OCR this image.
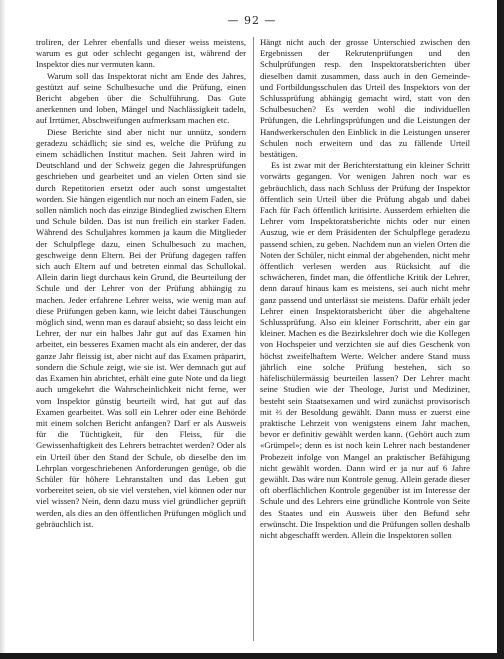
— 92 —

troliren, der Lehrer ebenfalls und dieser weiss meistens, warum es gut oder schlecht gegangen ist, während der Inspektor dies nur vermuten kann.

Warum soll das Inspektorat nicht am Ende des Jahres, gestützt auf seine Schulbesuche und die Prüfung, einen Bericht abgeben über die Schulführung. Das Gute anerkennen und loben, Mängel und Nachlässigkeit tadeln, auf Irrtümer, Abschweifungen aufmerksam machen etc.

Diese Berichte sind aber nicht nur unnütz, sondern geradezu schädlich; sie sind es, welche die Prüfung zu einem schädlichen Institut machen. Seit Jahren wird in Deutschland und der Schweiz gegen die Jahresprüfungen geschrieben und gearbeitet und an vielen Orten sind sie durch Repetitorien ersetzt oder auch sonst umgestaltet worden. Sie hängen eigentlich nur noch an einem Faden, sie sollen nämlich noch das einzige Bindeglied zwischen Eltern und Schule bilden. Das ist nun freilich ein starker Faden. Während des Schuljahres kommen ja kaum die Mitglieder der Schulpflege dazu, einen Schulbesuch zu machen, geschweige denn Eltern. Bei der Prüfung dagegen raffen sich auch Eltern auf und betreten einmal das Schullokal. Allein darin liegt durchaus kein Grund, die Beurteilung der Schule und der Lehrer von der Prüfung abhängig zu machen. Jeder erfahrene Lehrer weiss, wie wenig man auf diese Prüfungen geben kann, wie leicht dabei Täuschungen möglich sind, wenn man es darauf absieht; so dass leicht ein Lehrer, der nur ein halbes Jahr gut auf das Examen hin arbeitet, ein besseres Examen macht als ein anderer, der das ganze Jahr fleissig ist, aber nicht auf das Examen präparirt, sondern die Schule zeigt, wie sie ist. Wer demnach gut auf das Examen hin abrichtet, erhält eine gute Note und da liegt auch umgekehrt die Wahrscheinlichkeit nicht ferne, wer vom Inspektor günstig beurteilt wird, hat gut auf das Examen gearbeitet. Was soll ein Lehrer oder eine Behörde mit einem solchen Bericht anfangen? Darf er als Ausweis für die Tüchtigkeit, für den Fleiss, für die Gewissenhaftigkeit des Lehrers betrachtet werden? Oder als ein Urteil über den Stand der Schule, ob dieselbe den im Lehrplan vorgeschriebenen Anforderungen genüge, ob die Schüler für höhere Lehranstalten und das Leben gut vorbereitet seien, ob sie viel verstehen, viel können oder nur viel wissen? Nein, denn dazu muss viel gründlicher geprüft werden, als dies an den öffentlichen Prüfungen möglich und gebräuchlich ist.

Hängt nicht auch der grosse Unterschied zwischen den Ergebnissen der Rekrutenprüfungen und den Schulprüfungen resp. den Inspektoratsberichten über dieselben damit zusammen, dass auch in den Gemeinde- und Fortbildungsschulen das Urteil des Inspektors von der Schlussprüfung abhängig gemacht wird, statt von den Schulbesuchen? Es werden wohl die individuellen Prüfungen, die Lehrlingsprüfungen und die Leistungen der Handwerkerschulen den Einblick in die Leistungen unserer Schulen noch erweitern und das zu fällende Urteil bestätigen.

Es ist zwar mit der Berichterstattung ein kleiner Schritt vorwärts gegangen. Vor wenigen Jahren noch war es gebräuchlich, dass nach Schluss der Prüfung der Inspektor öffentlich sein Urteil über die Prüfung abgab und dabei Fach für Fach öffentlich kritisirte. Ausserdem erhielten die Lehrer vom Inspektoratsberichte nichts oder nur einen Auszug, wie er dem Präsidenten der Schulpflege geradezu passend schien, zu geben. Nachdem nun an vielen Orten die Noten der Schüler, nicht einmal der abgehenden, nicht mehr öffentlich verlesen werden aus Rücksicht auf die schwächeren, findet man, die öffentliche Kritik der Lehrer, denn darauf hinaus kam es meistens, sei auch nicht mehr ganz passend und unterlässt sie meistens. Dafür erhält jeder Lehrer einen Inspektoratsbericht über die abgehaltene Schlussprüfung. Also ein kleiner Fortschritt, aber ein gar kleiner. Machen es die Bezirkslehrer doch wie die Kollegen von Hochspeier und verzichten sie auf dies Geschenk von höchst zweifelhaftem Werte. Welcher andere Stand muss jährlich eine solche Prüfung bestehen, sich so häfelischülermässig beurteilen lassen? Der Lehrer macht seine Studien wie der Theologe, Jurist und Mediziner, besteht sein Staatsexamen und wird zunächst provisorisch mit ⅔ der Besoldung gewählt. Dann muss er zuerst eine praktische Lehrzeit von wenigstens einem Jahr machen, bevor er definitiv gewählt werden kann. (Gehört auch zum «Grümpel»; denn es ist noch kein Lehrer nach bestandener Probezeit infolge von Mangel an praktischer Befähigung nicht gewählt worden. Dann wird er ja nur auf 6 Jahre gewählt. Das wäre nun Kontrole genug. Allein gerade dieser oft oberflächlichen Kontrole gegenüber ist im Interesse der Schule und des Lehrers eine gründliche Kontrole von Seite des Staates und ein Ausweis über den Befund sehr erwünscht. Die Inspektion und die Prüfungen sollen deshalb nicht abgeschafft werden. Allein die Inspektoren sollen
